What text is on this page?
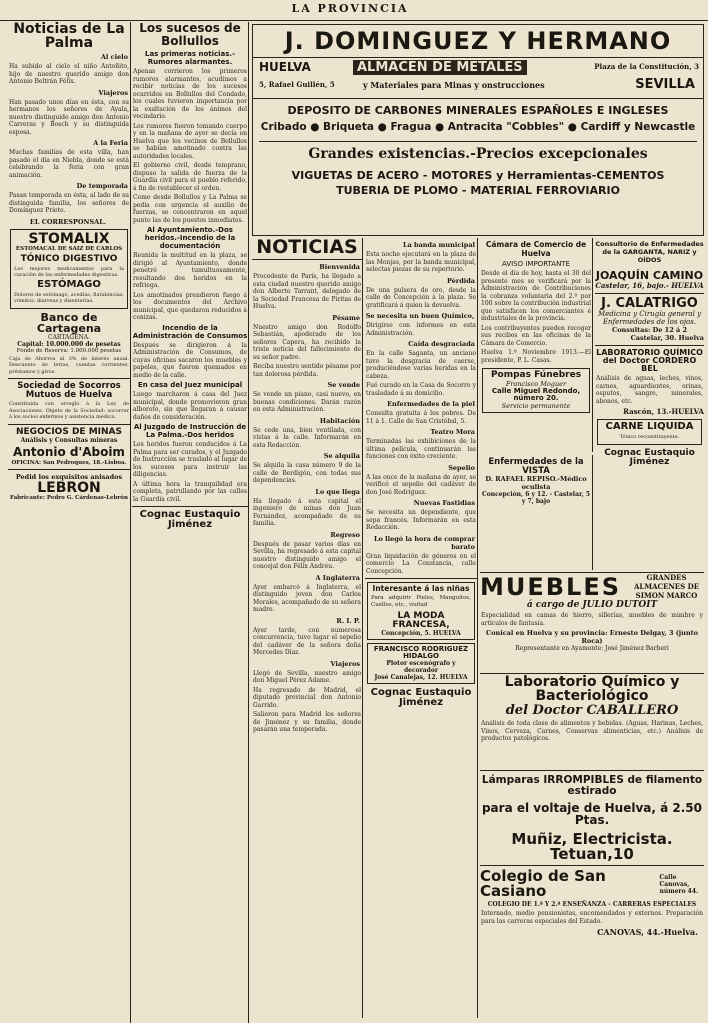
LA PROVINCIA
Noticias de La Palma
Al cielo

Ha subido al cielo el niño Antoñito, hijo de nuestro querido amigo don Antonio Beltrán Félix.

Viajeros

Han pasado unos días en ésta, con su hermanos los señores de Ayala, nuestro distinguido amigo don Antonio Carreras y Bosch y su distinguida esposa.

A la Feria

Muchas familias de esta villa, han pasado el día en Niebla, donde se está celebrando la feria con gran animación.

De temporada

Pasan temporada en ésta, al lado de su distinguida familia, los señores de Domínguez Prieto.

EL CORRESPONSAL.
STOMALIX
ESTOMACAL DE SAIZ DE CARLOS
TÓNICO DIGESTIVO

Los mejores medicamentos para la curación de las enfermedades digestivas.

ESTÓMAGO

Dolores de estómago, acedías, flatulencias, vómitos, diarreas y disenterías.

Banco de Cartagena
CARTAGENA.
Capital: 10.000.000 de pesetas
Fondo de Reserva: 1.000.000 pesetas

Caja de Ahorros al 3% de interés anual. Descuento de letras, cuentas corrientes, préstamos y giros.

Sociedad de Socorros Mutuos de Huelva

Constituída con arreglo á la Ley de Asociaciones. Objeto de la Sociedad: socorrer á los socios enfermos y asistencia médica.

NEGOCIOS DE MINAS
Análisis y Consultas mineras
Antonio d'Aboim
OFICINA: San Pedroques, 18.-Lisboa.
Pedid los exquisitos anisados
LEBRON
Fabricante: Pedro G. Cárdenas-Lebrón
Los sucesos de Bollullos
Las primeras noticias.-Rumores alarmantes.

Apenas corrieron los primeros rumores alarmantes, acudimos a recibir noticias de los sucesos ocurridos en Bollullos del Condado, los cuales tuvieron importancia por la exaltación de los ánimos del vecindario.

Los rumores fueron tomando cuerpo y en la mañana de ayer se decía en Huelva que los vecinos de Bollullos se habían amotinado contra las autoridades locales.

El gobierno civil, desde temprano, dispuso la salida de fuerza de la Guardia civil para el pueblo referido, á fin de restablecer el orden.

Como desde Bollullos y La Palma se pedía con urgencia el auxilio de fuerzas, se concentraron en aquel punto las de los puestos inmediatos.

Al Ayuntamiento.-Dos heridos.-Incendio de la documentación

Reunida la multitud en la plaza, se dirigió al Ayuntamiento, donde penetró tumultuosamente, resultando dos heridos en la refriega.

Los amotinados prendieron fuego á los documentos del Archivo municipal, que quedaron reducidos á cenizas.

Incendio de la Administración de Consumos

Después se dirigieron á la Administración de Consumos, de cuyas oficinas sacaron los muebles y papeles, que fueron quemados en medio de la calle.

En casa del Juez municipal

Luego marcharon á casa del Juez municipal, donde promovieron gran alboroto, sin que llegaran á causar daños de consideración.

Al Juzgado de Instrucción de La Palma.-Dos heridos

Los heridos fueron conducidos á La Palma para ser curados, y el Juzgado de Instrucción se trasladó al lugar de los sucesos para instruir las diligencias.

A última hora la tranquilidad era completa, patrullando por las calles la Guardia civil.

Cognac Eustaquio Jiménez
J. DOMINGUEZ Y HERMANO
HUELVA	ALMACEN DE METALES	Plaza de la Constitución, 3
5, Rafael Guillén, 5	y Materiales para Minas y onstrucciones	SEVILLA
DEPOSITO DE CARBONES MINERALES ESPAÑOLES E INGLESES
Cribado ● Briqueta ● Fragua ● Antracita "Cobbles" ● Cardiff y Newcastle
Grandes existencias.-Precios excepcionales
VIGUETAS DE ACERO - MOTORES y Herramientas-CEMENTOS
TUBERIA DE PLOMO - MATERIAL FERROVIARIO
NOTICIAS
Bienvenida

Procedente de París, ha llegado a esta ciudad nuestro querido amigo don Alberto Tarrant, delegado de la Sociedad Francesa de Piritas de Huelva.

Pésame

Nuestro amigo don Rodolfo Sebastián, apoderado de los señores Capera, ha recibido la triste noticia del fallecimiento de su señor padre.

Reciba nuestro sentido pésame por tan dolorosa pérdida.

Se vende

Se vende un piano, casi nuevo, en buenas condiciones. Darán razón en esta Administración.

Habitación

Se cede una, bien ventilada, con vistas á la calle. Informarán en esta Redacción.

Se alquila

Se alquila la casa número 9 de la calle de Berdigón, con todas sus dependencias.

Lo que llega

Ha llegado á esta capital el ingeniero de minas don Juan Fernández, acompañado de su familia.

Regreso

Después de pasar varios días en Sevilla, ha regresado á esta capital nuestro distinguido amigo el concejal don Félix Andréu.

A Inglaterra

Ayer embarcó á Inglaterra, el distinguido joven don Carlos Morales, acompañado de su señora madre.

R. I. P.

Ayer tarde, con numerosa concurrencia, tuvo lugar el sepelio del cadáver de la señora doña Mercedes Díaz.

Viajeros

Llegó de Sevilla, nuestro amigo don Miguel Pérez Adame.

Ha regresado de Madrid, el diputado provincial don Antonio Garrido.

Salieron para Madrid los señores de Jiménez y su familia, donde pasarán una temporada.

La banda municipal

Esta noche ejecutará en la plaza de las Monjas, por la banda municipal, selectas piezas de su repertorio.

Pérdida

De una pulsera de oro, desde la calle de Concepción á la plaza. Se gratificará á quien la devuelva.

Se necesita un buen Químico,

Dirigirse con informes en esta Administración.

Caída desgraciada

En la calle Saganta, un anciano tuvo la desgracia de caerse, produciéndose varias heridas en la cabeza.

Fué curado en la Casa de Socorro y trasladado á su domicilio.

Enfermedades de la piel

Consulta gratuita á los pobres. De 11 á 1. Calle de San Cristóbal, 5.

Teatro Mora

Terminadas las exhibiciones de la última película, continuarán las funciones con éxito creciente.

Sepelio

A las once de la mañana de ayer, se verificó el sepelio del cadáver de don José Rodríguez.

Nuevas Fastidias

Se necesita un dependiente, que sepa francés. Informarán en esta Redacción.

Lo llegó la hora de comprar barato

Gran liquidación de géneros en el comercio La Constancia, calle Concepción.

Interesante á las niñas

Para adquirir Pieles, Manguitos, Cuellos, etc., visitad

LA MODA FRANCESA,
Concepción, 5. HUELVA
FRANCISCO RODRIGUEZ HIDALGO
Plotor escenógrafo y decorador
José Canalejas, 12. HUELVA
Cognac Eustaquio Jiménez
Cámara de Comercio de Huelva
AVISO IMPORTANTE

Desde el día de hoy, hasta el 30 del presente mes se verificará por la Administración de Contribuciones la cobranza voluntaria del 2.º por 100 sobre la contribución industrial que satisfacen los comerciantes é industriales de la provincia.

Los contribuyentes pueden recoger sus recibos en las oficinas de la Cámara de Comercio.

Huelva 1.º Noviembre 1913.—El presidente, P. L. Casas.

Pompas Fúnebres
Francisco Moguer
Calle Miguel Redondo, número 20.
Servicio permanente
Consultorio de Enfermedades de la GARGANTA, NARIZ y OÍDOS
JOAQUÍN CAMINO
Castelar, 16, bajo.- HUELVA
J. CALATRIGO
Medicina y Cirugía general y Enfermedades de los ojos.
Consultas: De 12 á 2
Castelar, 30. Huelva
LABORATORIO QUÍMICO del Doctor CORDERO BEL

Análisis de aguas, leches, vinos, carnes, aguardientes, orinas, esputos, sangre, minerales, abonos, etc.

Rascón, 13.-HUELVA
CARNE LIQUIDA

Tónico reconstituyente.

Cognac Eustaquio Jiménez
Enfermedades de la VISTA
D. RAFAEL REPISO.-Médico oculista
Concepción, 6 y 12. - Castelar, 5 y 7, bajo
MUEBLES	GRANDES ALMACENES DE SIMON MARCO
á cargo de JULIO DUTOIT

Especialidad en camas de hierro, sillerías, muebles de mimbre y artículos de fantasía.

Conical en Huelva y su provincia: Ernesto Delgay, 3 (junto Roca)
Representante en Ayamonte: José Jiménez Barberi
Laboratorio Químico y Bacteriológico
del Doctor CABALLERO

Análisis de toda clase de alimentos y bebidas. (Aguas, Harinas, Leches, Vinos, Cerveza, Carnes, Conservas alimenticias, etc.) Análisis de productos patológicos.

Lámparas IRROMPIBLES de filamento estirado
para el voltaje de Huelva, á 2.50 Ptas.
Muñiz, Electricista. Tetuan,10
Colegio de San Casiano
Calle Canovas, número 44.
COLEGIO DE 1.ª Y 2.ª ENSEÑANZA - CARRERAS ESPECIALES

Internado, medio pensionistas, encomendados y externos. Preparación para las carreras especiales del Estado.

CANOVAS, 44.-Huelva.
